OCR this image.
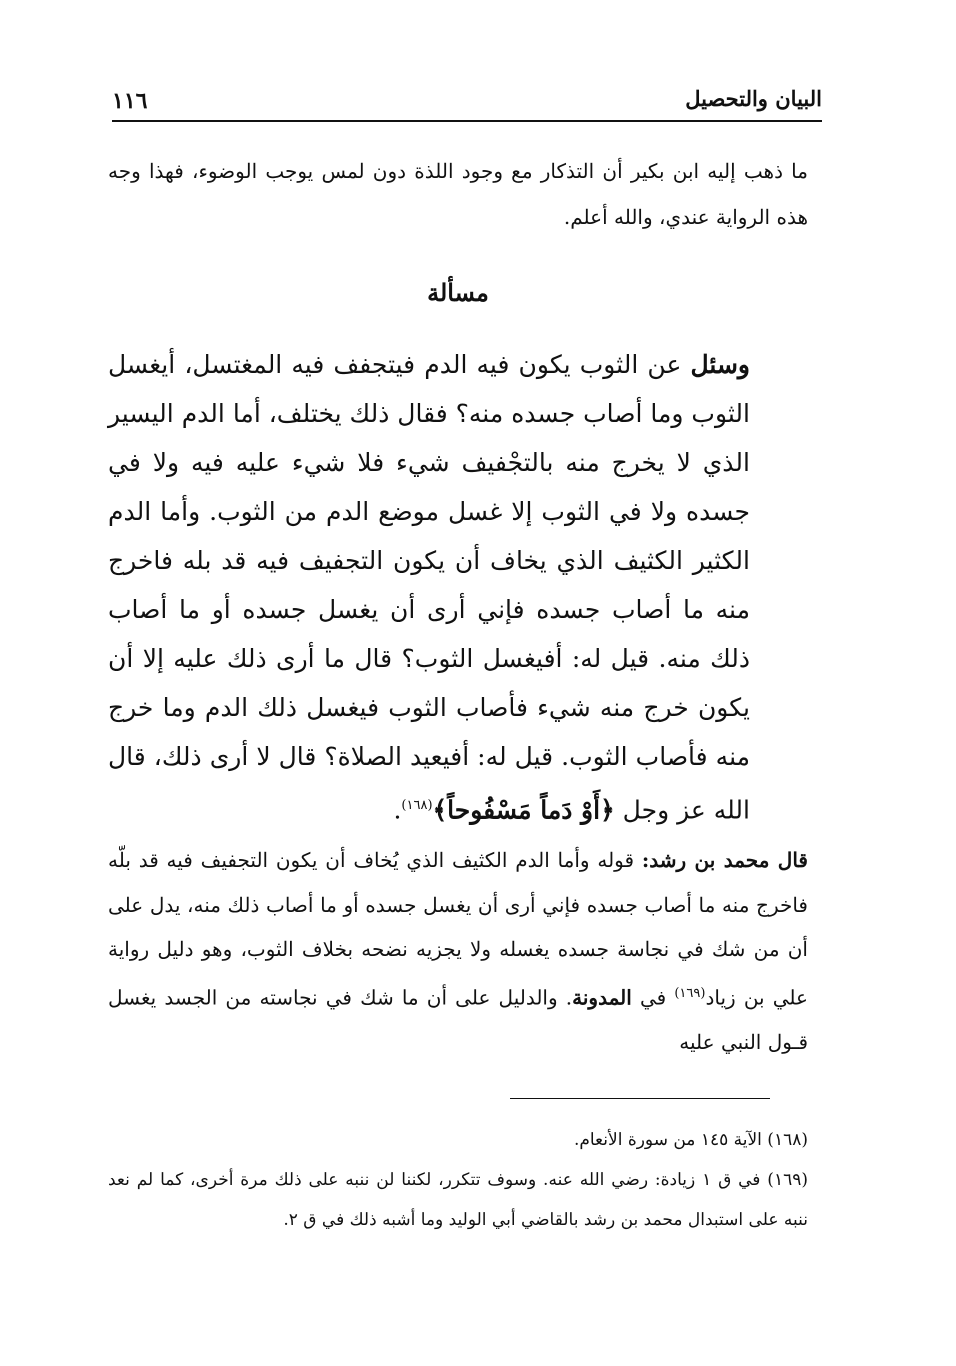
البيان والتحصيل
١١٦
ما ذهب إليه ابن بكير أن التذكار مع وجود اللذة دون لمس يوجب الوضوء، فهذا وجه هذه الرواية عندي، والله أعلم.
مسألة

وسئل عن الثوب يكون فيه الدم فيتجفف فيه المغتسل، أيغسل الثوب وما أصاب جسده منه؟ فقال ذلك يختلف، أما الدم اليسير الذي لا يخرج منه بالتجْفيف شيء فلا شيء عليه فيه ولا في جسده ولا في الثوب إلا غسل موضع الدم من الثوب. وأما الدم الكثير الكثيف الذي يخاف أن يكون التجفيف فيه قد بله فاخرج منه ما أصاب جسده فإني أرى أن يغسل جسده أو ما أصاب ذلك منه. قيل له: أفيغسل الثوب؟ قال ما أرى ذلك عليه إلا أن يكون خرج منه شيء فأصاب الثوب فيغسل ذلك الدم وما خرج منه فأصاب الثوب. قيل له: أفيعيد الصلاة؟ قال لا أرى ذلك، قال الله عز وجل ﴿أَوْ دَماً مَسْفُوحاً﴾$^{(١٦٨)}$.

قال محمد بن رشد: قوله وأما الدم الكثيف الذي يُخاف أن يكون التجفيف فيه قد بلّه فاخرج منه ما أصاب جسده فإني أرى أن يغسل جسده أو ما أصاب ذلك منه، يدل على أن من شك في نجاسة جسده يغسله ولا يجزيه نضحه بخلاف الثوب، وهو دليل رواية علي بن زياد$^{(١٦٩)}$ في المدونة. والدليل على أن ما شك في نجاسته من الجسد يغسل قـول النبي عليه

(١٦٨) الآية ١٤٥ من سورة الأنعام.

(١٦٩) في ق ١ زيادة: رضي الله عنه. وسوف تتكرر، لكننا لن ننبه على ذلك مرة أخرى، كما لم نعد ننبه على استبدال محمد بن رشد بالقاضي أبي الوليد وما أشبه ذلك في ق ٢.
